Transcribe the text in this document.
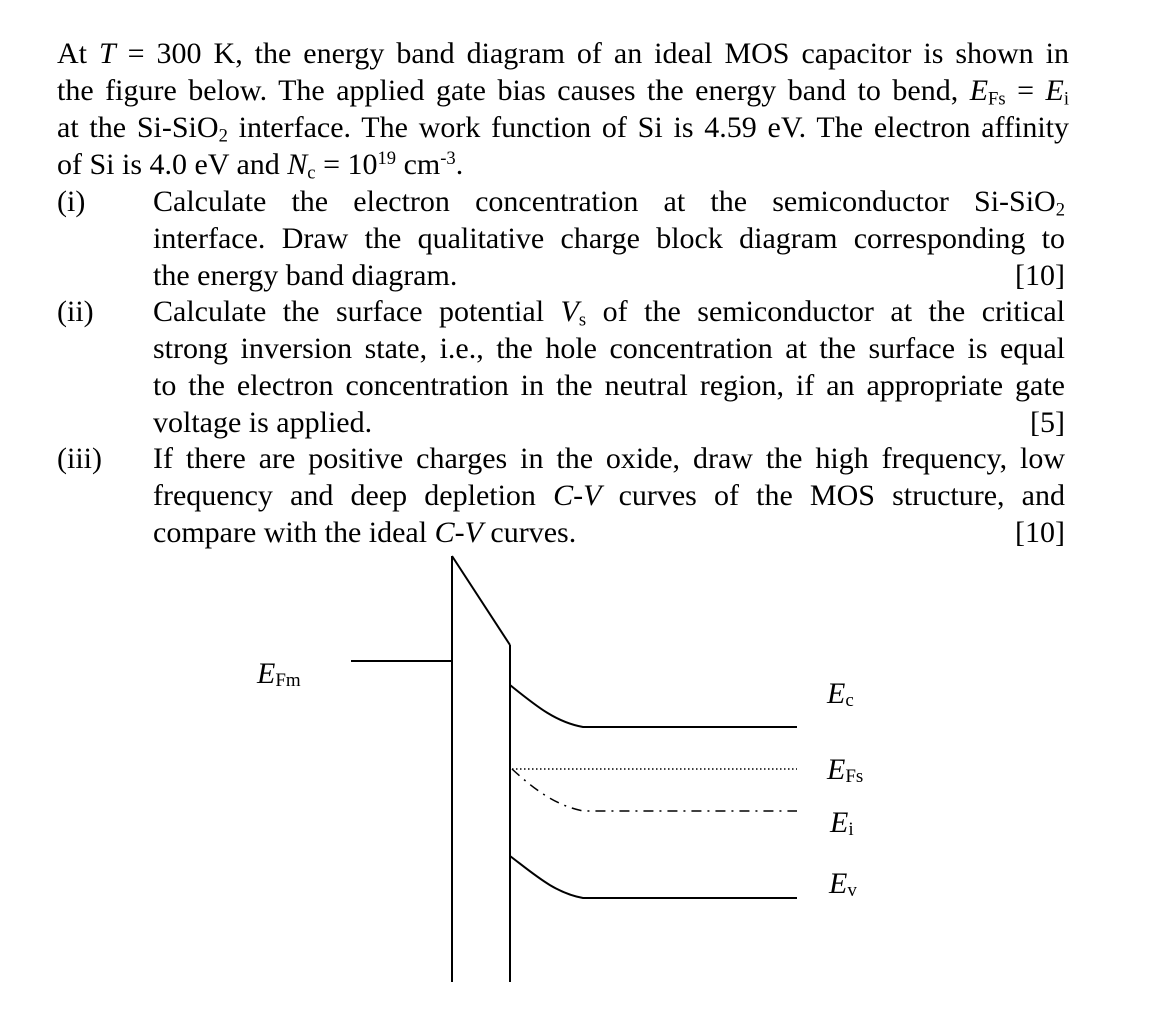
At T = 300 K, the energy band diagram of an ideal MOS capacitor is shown in
the figure below. The applied gate bias causes the energy band to bend, $E_{Fs} = E_i$
at the Si-SiO$_2$ interface. The work function of Si is 4.59 eV. The electron affinity
of Si is 4.0 eV and $N_c = 10^{19}$ $cm^{-3}$.
(i) Calculate the electron concentration at the semiconductor Si-SiO$_2$
interface. Draw the qualitative charge block diagram corresponding to
the energy band diagram.	[10]
(ii) Calculate the surface potential $V_s$ of the semiconductor at the critical
strong inversion state, i.e., the hole concentration at the surface is equal
to the electron concentration in the neutral region, if an appropriate gate
voltage is applied.	[5]
(iii) If there are positive charges in the oxide, draw the high frequency, low
frequency and deep depletion C-V curves of the MOS structure, and
compare with the ideal C-V curves.	[10]
EFm	Ec
EFs
Ei
Ev
